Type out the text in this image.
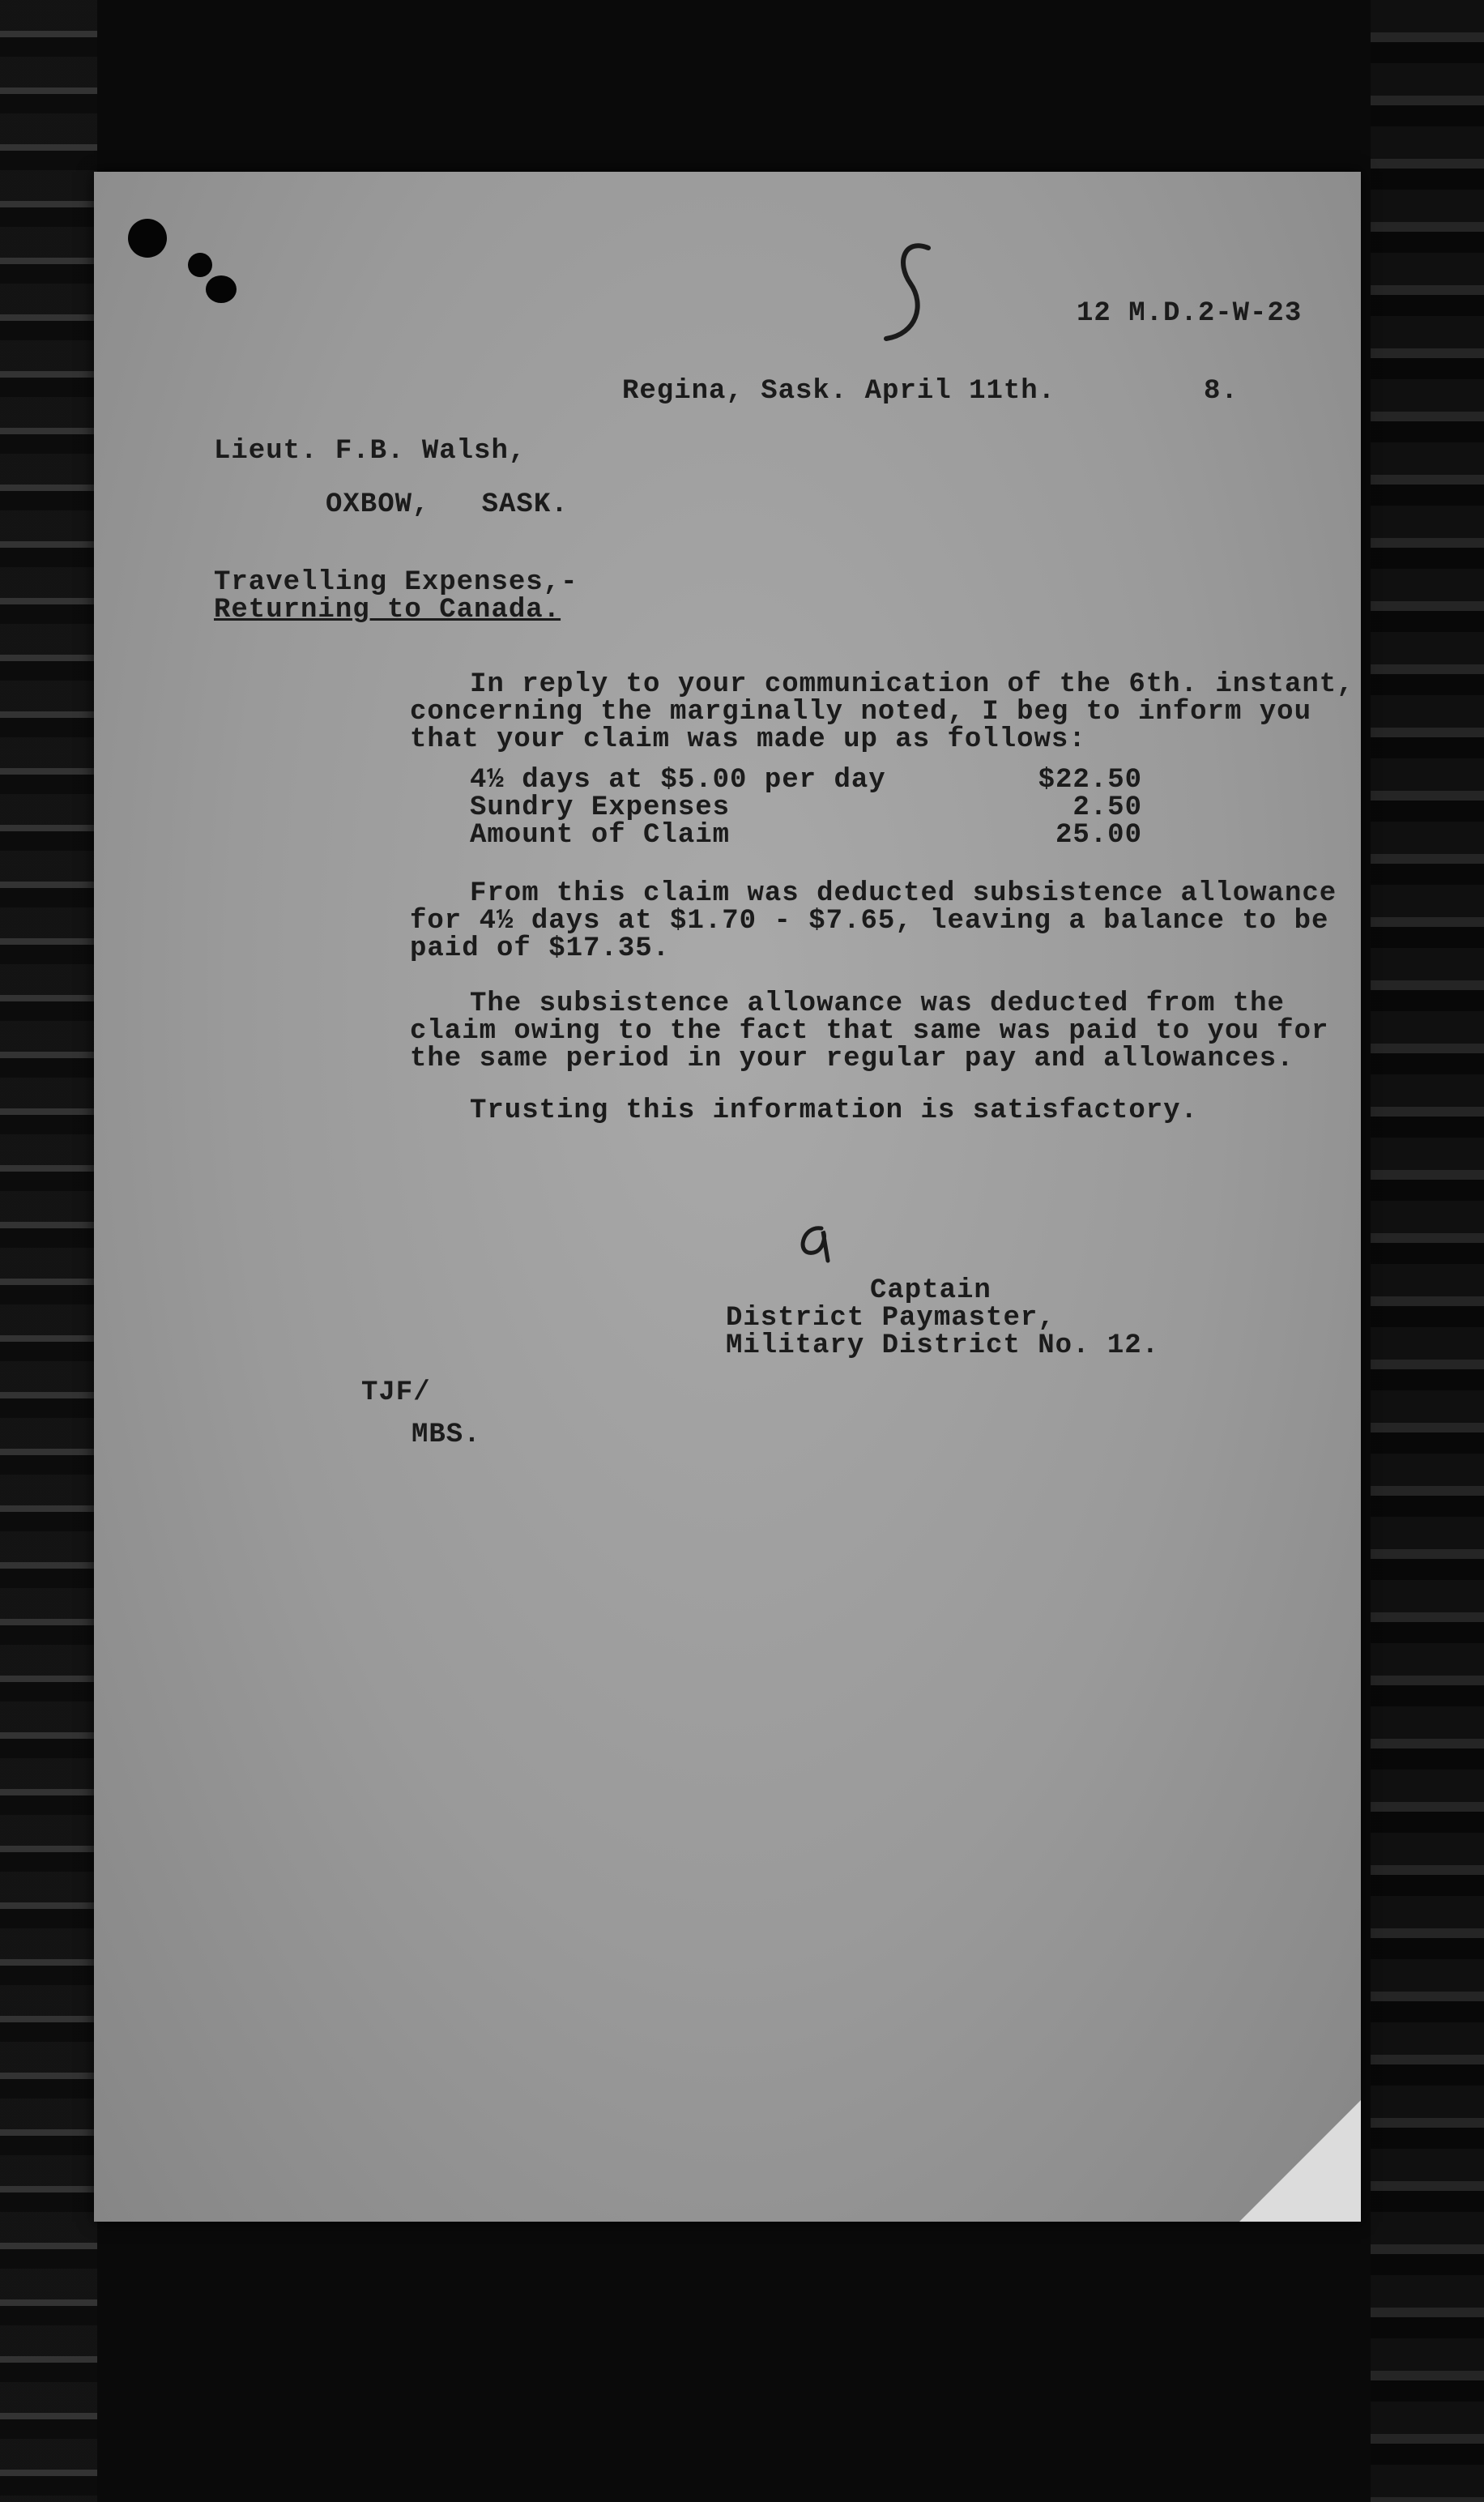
12 M.D.2-W-23
Regina, Sask. April 11th.	8.
Lieut. F.B. Walsh,
OXBOW,   SASK.
Travelling Expenses,-
Returning to Canada.
In reply to your communication of the 6th. instant,
concerning the marginally noted, I beg to inform you
that your claim was made up as follows:
4½ days at $5.00 per day	$22.50
Sundry Expenses	2.50
Amount of Claim	25.00
From this claim was deducted subsistence allowance
for 4½ days at $1.70 - $7.65, leaving a balance to be
paid of $17.35.
The subsistence allowance was deducted from the
claim owing to the fact that same was paid to you for
the same period in your regular pay and allowances.
Trusting this information is satisfactory.
Captain
District Paymaster,
Military District No. 12.
TJF/
MBS.
